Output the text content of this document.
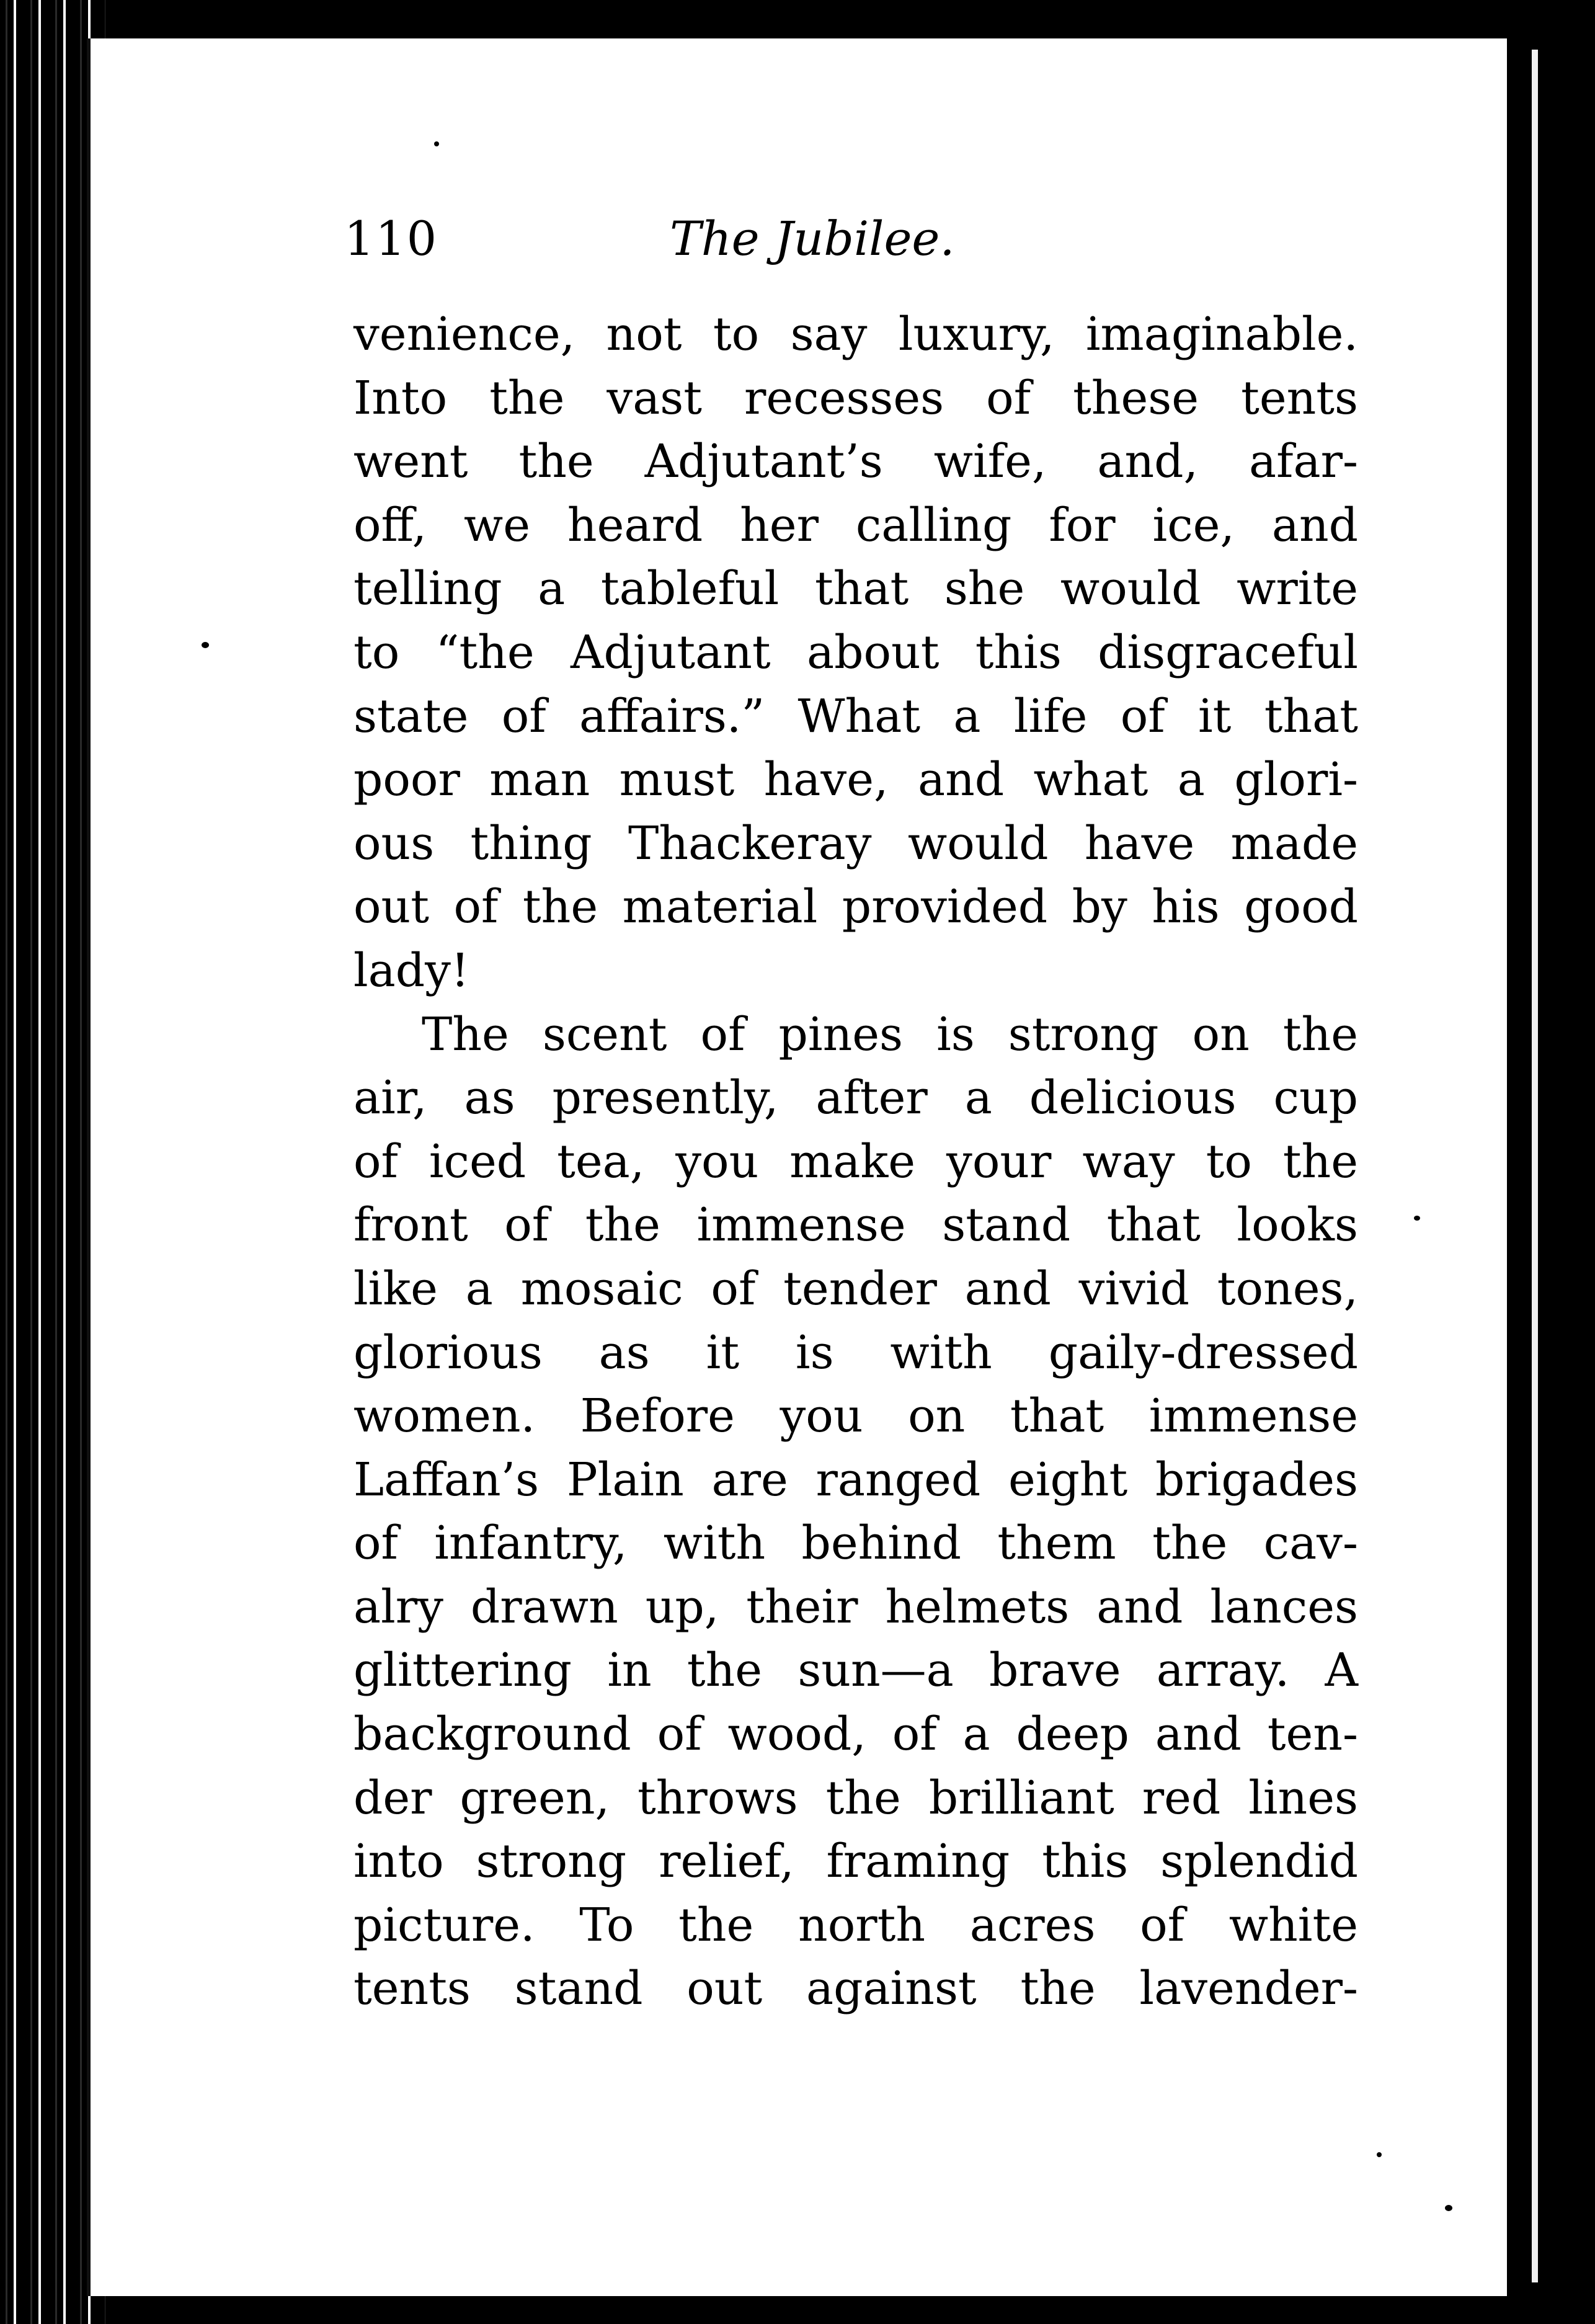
110	The Jubilee.
venience, not to say luxury, imaginable.
Into the vast recesses of these tents
went the Adjutant’s wife, and, afar-
off, we heard her calling for ice, and
telling a tableful that she would write
to “the Adjutant about this disgraceful
state of affairs.” What a life of it that
poor man must have, and what a glori-
ous thing Thackeray would have made
out of the material provided by his good
lady!
The scent of pines is strong on the
air, as presently, after a delicious cup
of iced tea, you make your way to the
front of the immense stand that looks
like a mosaic of tender and vivid tones,
glorious as it is with gaily-dressed
women. Before you on that immense
Laffan’s Plain are ranged eight brigades
of infantry, with behind them the cav-
alry drawn up, their helmets and lances
glittering in the sun—a brave array. A
background of wood, of a deep and ten-
der green, throws the brilliant red lines
into strong relief, framing this splendid
picture. To the north acres of white
tents stand out against the lavender-
